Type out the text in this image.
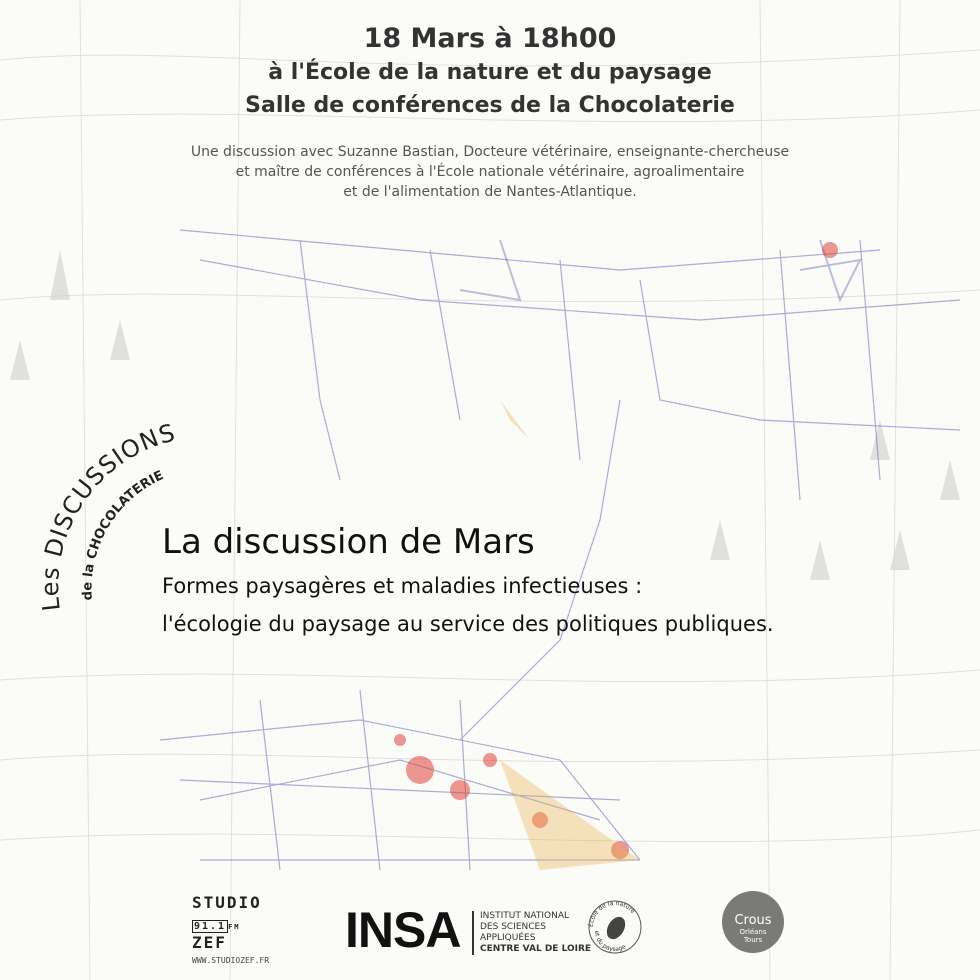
18 Mars à 18h00
à l'École de la nature et du paysage
Salle de conférences de la Chocolaterie
Une discussion avec Suzanne Bastian, Docteure vétérinaire, enseignante-chercheuse
et maître de conférences à l'École nationale vétérinaire, agroalimentaire
et de l'alimentation de Nantes-Atlantique.
Les DISCUSSIONS
de la CHOCOLATERIE
La discussion de Mars
Formes paysagères et maladies infectieuses :
l'écologie du paysage au service des politiques publiques.
STUDIO
91.1 FM ZEF
WWW.STUDIOZEF.FR
INSA INSTITUT NATIONAL
DES SCIENCES
APPLIQUÉES
CENTRE VAL DE LOIRE
École de la nature
et du paysage
Crous
Orléans
Tours
